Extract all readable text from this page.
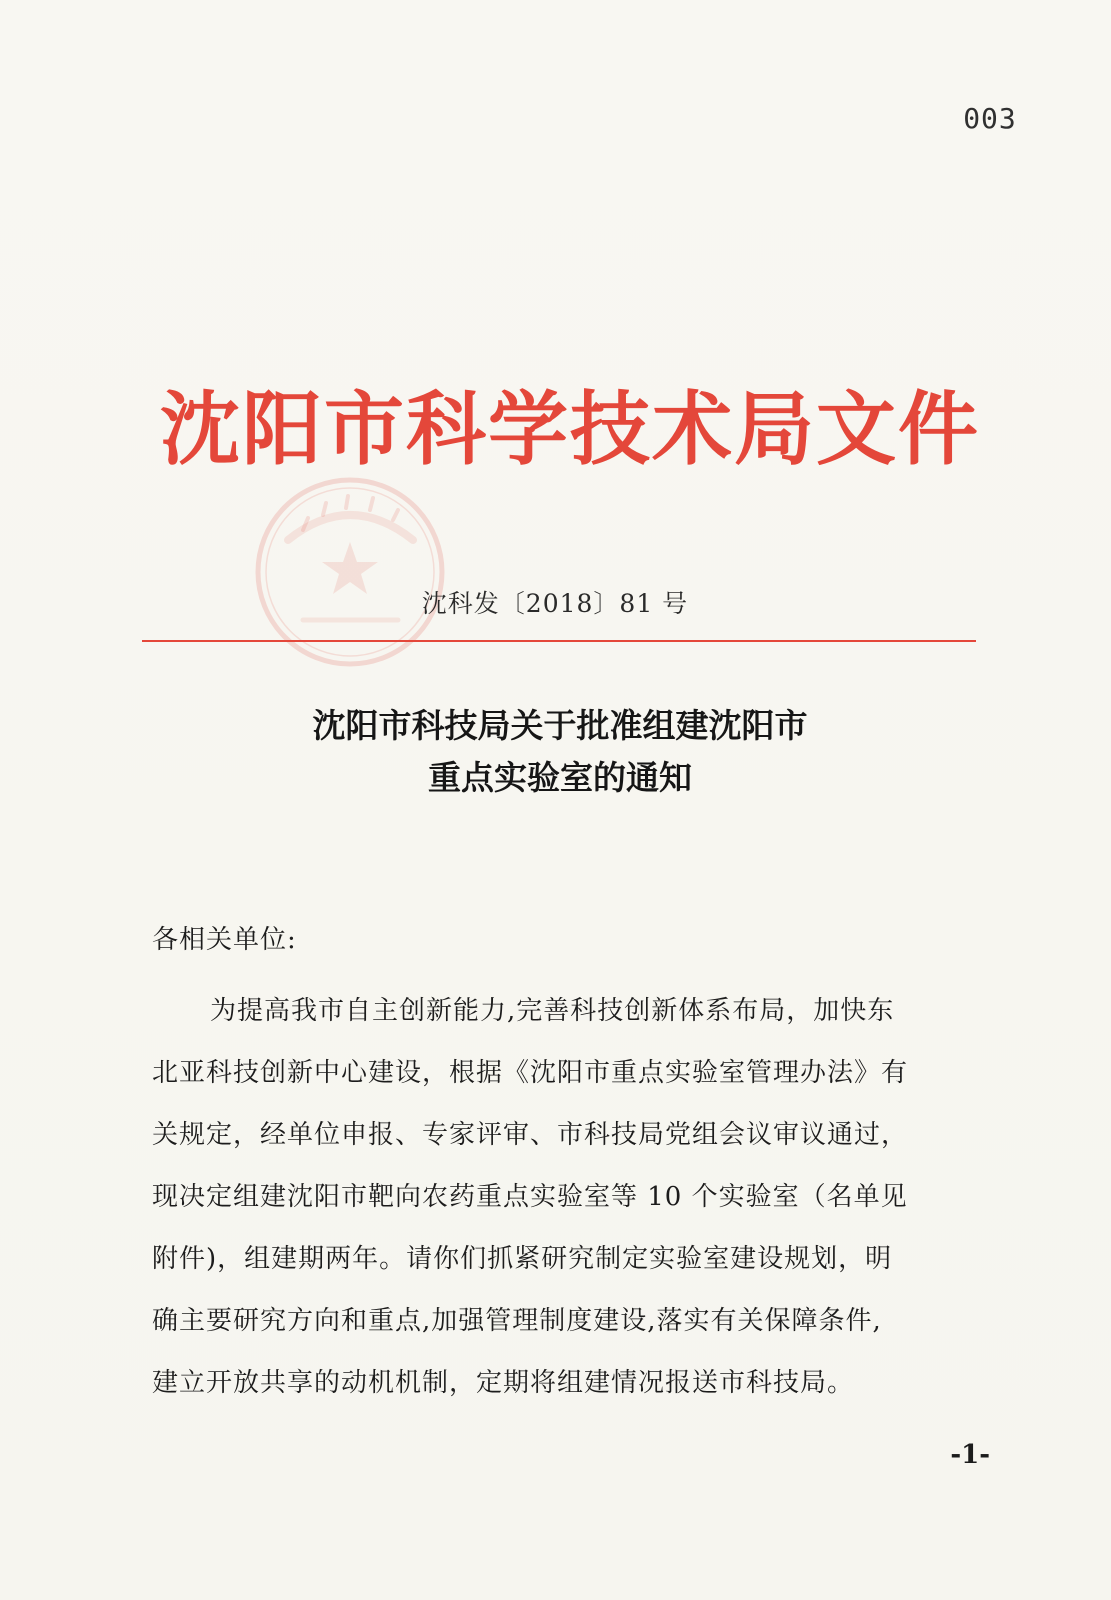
003
沈阳市科学技术局文件
沈科发〔2018〕81 号
沈阳市科技局关于批准组建沈阳市
重点实验室的通知
各相关单位:
为提高我市自主创新能力,完善科技创新体系布局，加快东
北亚科技创新中心建设，根据《沈阳市重点实验室管理办法》有
关规定，经单位申报、专家评审、市科技局党组会议审议通过，
现决定组建沈阳市靶向农药重点实验室等 10 个实验室（名单见
附件)，组建期两年。请你们抓紧研究制定实验室建设规划，明
确主要研究方向和重点,加强管理制度建设,落实有关保障条件,
建立开放共享的动机机制，定期将组建情况报送市科技局。
-1-
